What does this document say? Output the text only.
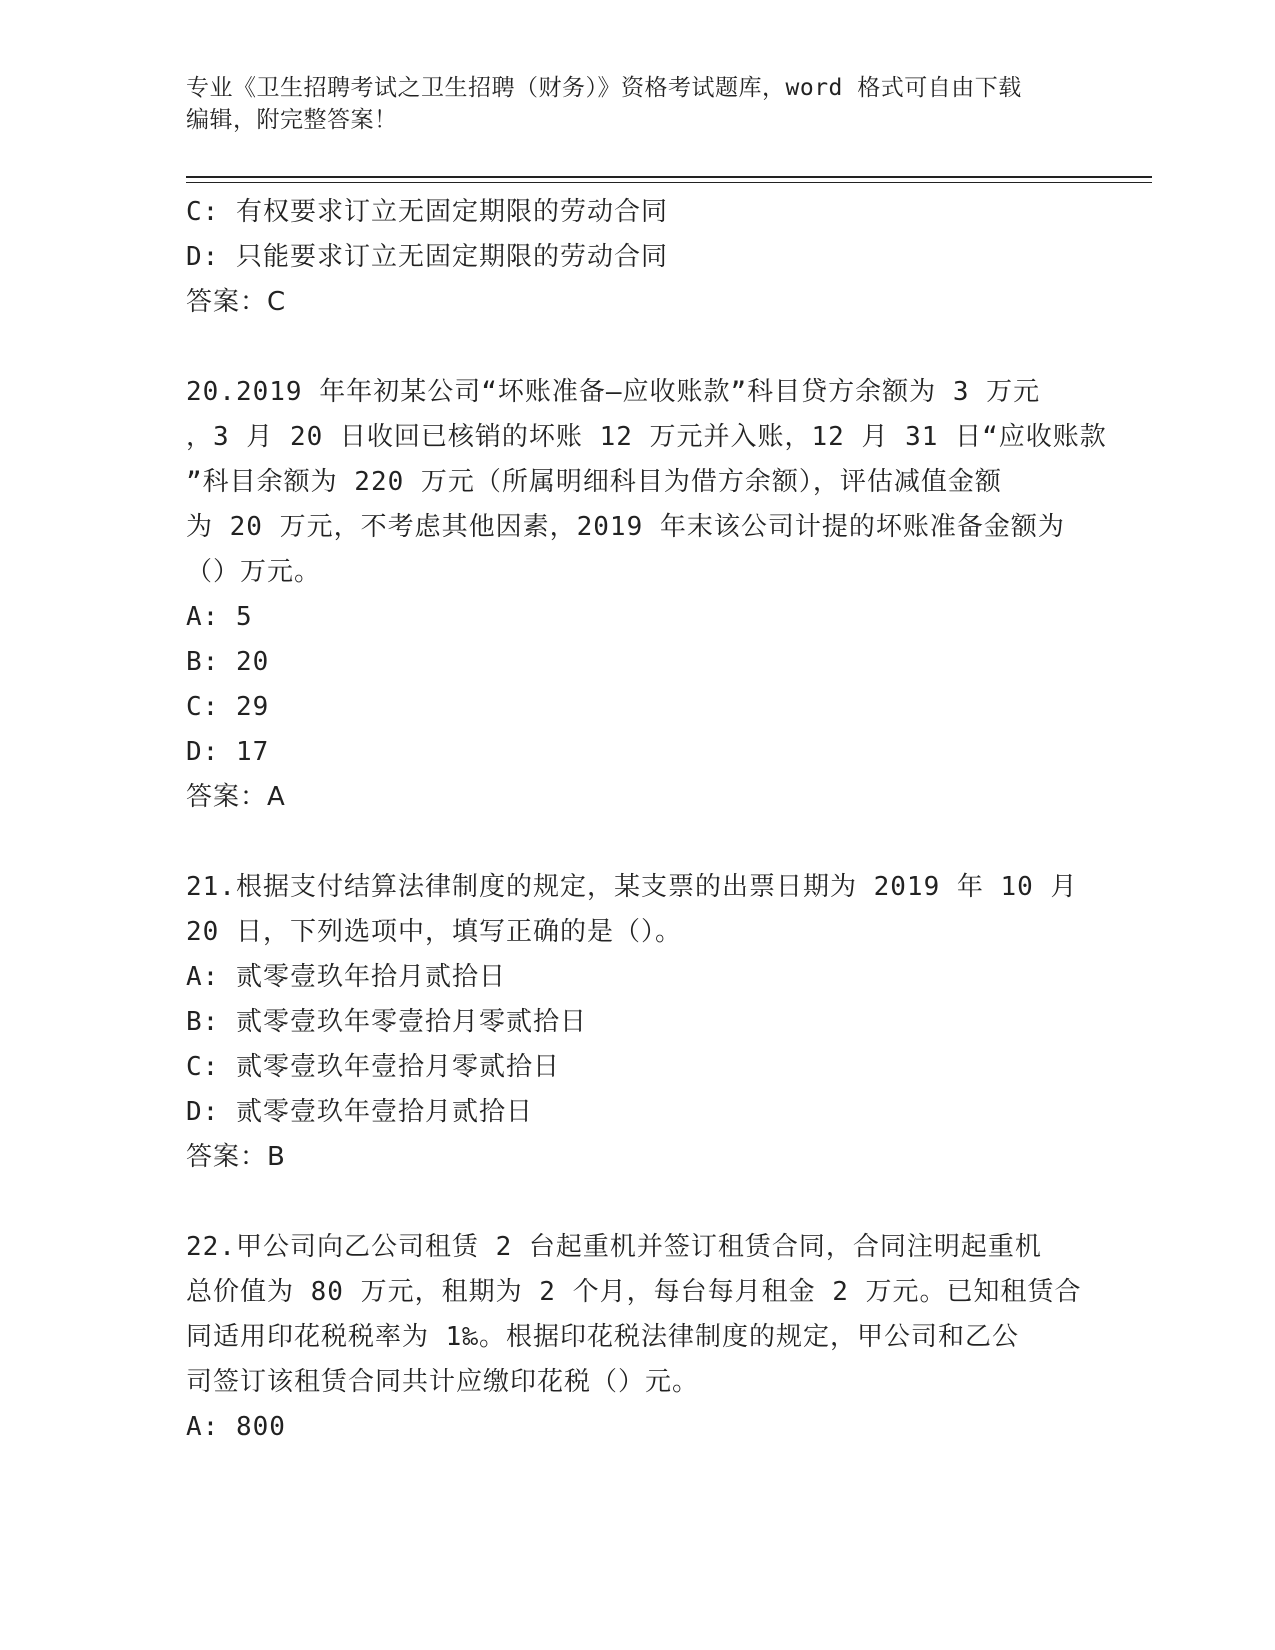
专业《卫生招聘考试之卫生招聘（财务）》资格考试题库，word 格式可自由下载
编辑，附完整答案！
C: 有权要求订立无固定期限的劳动合同
D: 只能要求订立无固定期限的劳动合同
答案：C
20.2019 年年初某公司“坏账准备—应收账款”科目贷方余额为 3 万元
，3 月 20 日收回已核销的坏账 12 万元并入账，12 月 31 日“应收账款
”科目余额为 220 万元（所属明细科目为借方余额），评估减值金额
为 20 万元，不考虑其他因素，2019 年末该公司计提的坏账准备金额为
（）万元。
A: 5
B: 20
C: 29
D: 17
答案：A
21.根据支付结算法律制度的规定，某支票的出票日期为 2019 年 10 月
20 日，下列选项中，填写正确的是（）。
A: 贰零壹玖年拾月贰拾日
B: 贰零壹玖年零壹拾月零贰拾日
C: 贰零壹玖年壹拾月零贰拾日
D: 贰零壹玖年壹拾月贰拾日
答案：B
22.甲公司向乙公司租赁 2 台起重机并签订租赁合同，合同注明起重机
总价值为 80 万元，租期为 2 个月，每台每月租金 2 万元。已知租赁合
同适用印花税税率为 1‰。根据印花税法律制度的规定，甲公司和乙公
司签订该租赁合同共计应缴印花税（）元。
A: 800
